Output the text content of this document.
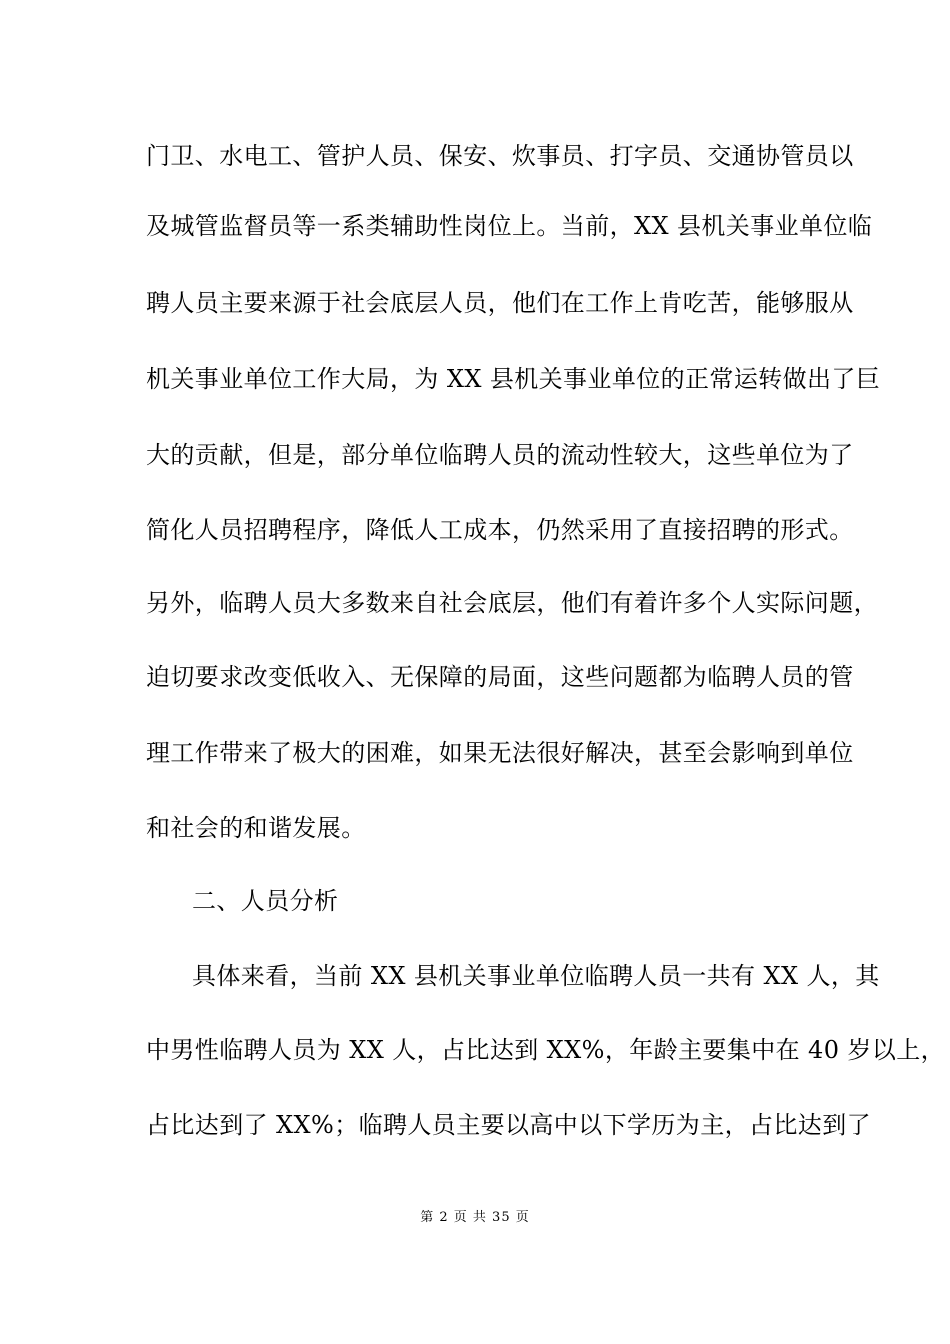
门卫、水电工、管护人员、保安、炊事员、打字员、交通协管员以
及城管监督员等一系类辅助性岗位上。当前，XX 县机关事业单位临
聘人员主要来源于社会底层人员，他们在工作上肯吃苦，能够服从
机关事业单位工作大局，为 XX 县机关事业单位的正常运转做出了巨
大的贡献，但是，部分单位临聘人员的流动性较大，这些单位为了
简化人员招聘程序，降低人工成本，仍然采用了直接招聘的形式。
另外，临聘人员大多数来自社会底层，他们有着许多个人实际问题，
迫切要求改变低收入、无保障的局面，这些问题都为临聘人员的管
理工作带来了极大的困难，如果无法很好解决，甚至会影响到单位
和社会的和谐发展。
二、人员分析
具体来看，当前 XX 县机关事业单位临聘人员一共有 XX 人，其
中男性临聘人员为 XX 人，占比达到 XX%，年龄主要集中在 40 岁以上，
占比达到了 XX%；临聘人员主要以高中以下学历为主，占比达到了
第 2 页 共 35 页
